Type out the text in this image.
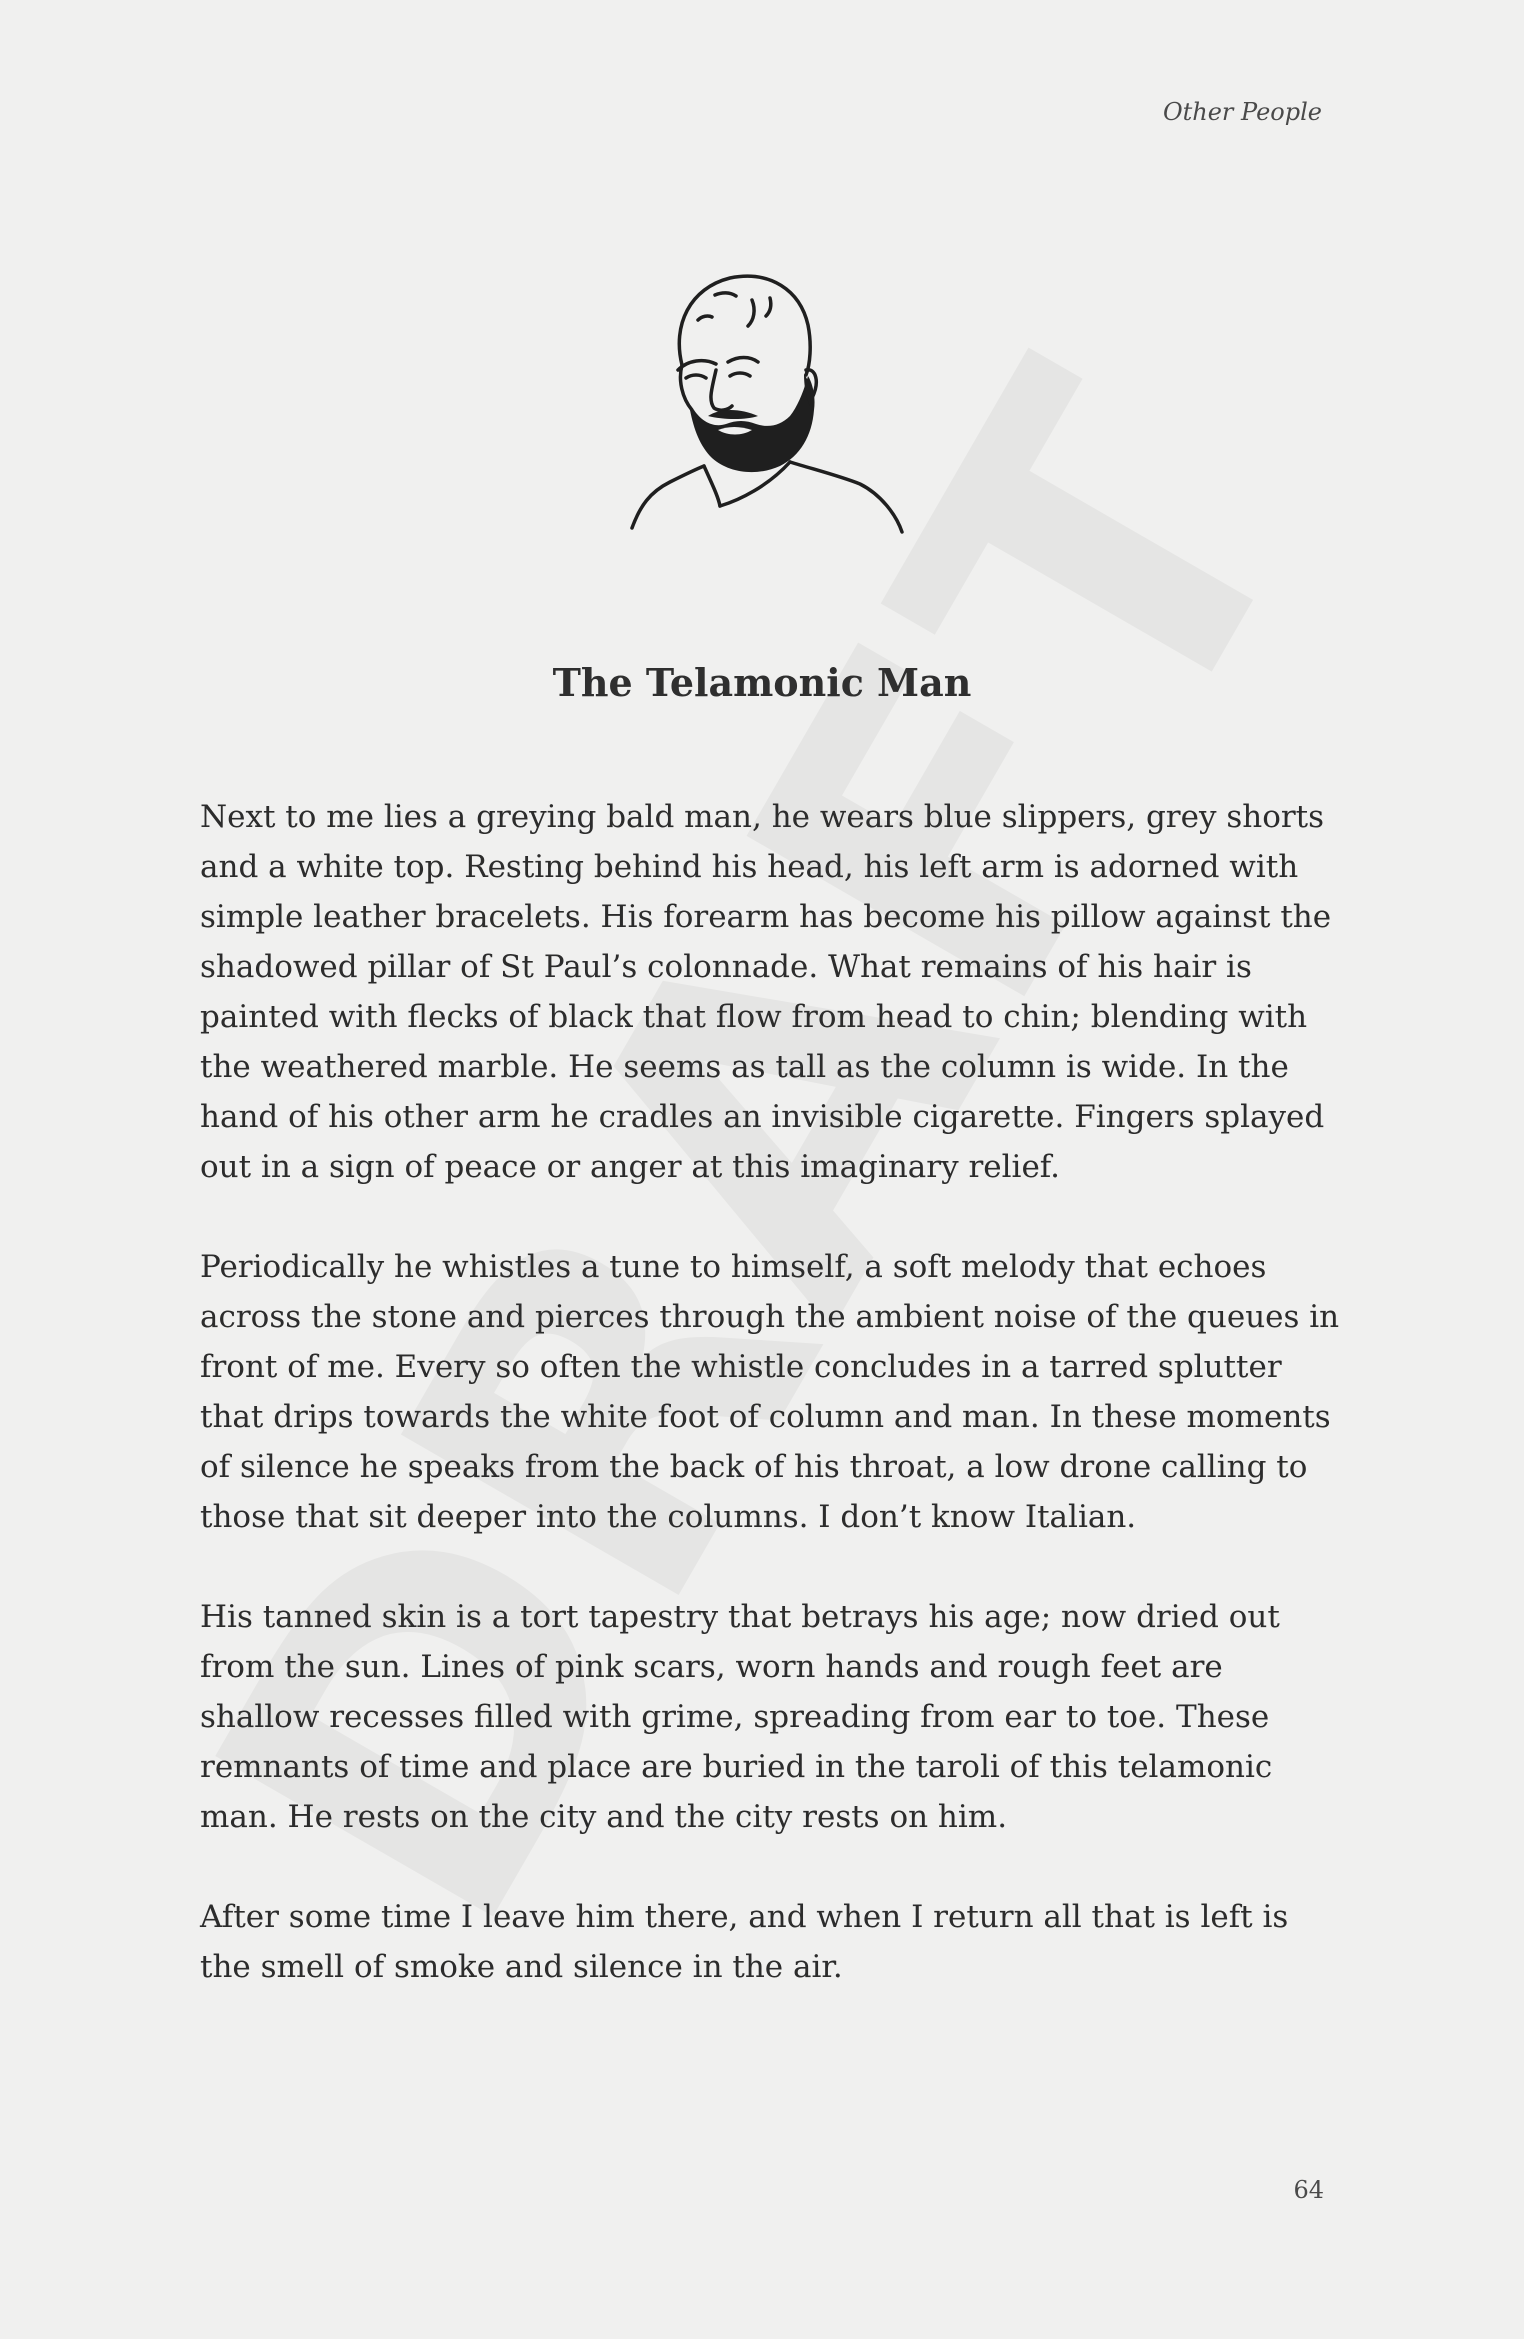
Other People
The Telamonic Man

Next to me lies a greying bald man, he wears blue slippers, grey shorts and a white top. Resting behind his head, his left arm is adorned with simple leather bracelets. His forearm has become his pillow against the shadowed pillar of St Paul’s colonnade. What remains of his hair is painted with flecks of black that flow from head to chin; blending with the weathered marble. He seems as tall as the column is wide. In the hand of his other arm he cradles an invisible cigarette. Fingers splayed out in a sign of peace or anger at this imaginary relief.

Periodically he whistles a tune to himself, a soft melody that echoes across the stone and pierces through the ambient noise of the queues in front of me. Every so often the whistle concludes in a tarred splutter that drips towards the white foot of column and man. In these moments of silence he speaks from the back of his throat, a low drone calling to those that sit deeper into the columns. I don’t know Italian.

His tanned skin is a tort tapestry that betrays his age; now dried out from the sun. Lines of pink scars, worn hands and rough feet are shallow recesses filled with grime, spreading from ear to toe. These remnants of time and place are buried in the taroli of this telamonic man. He rests on the city and the city rests on him.

After some time I leave him there, and when I return all that is left is the smell of smoke and silence in the air.

64
